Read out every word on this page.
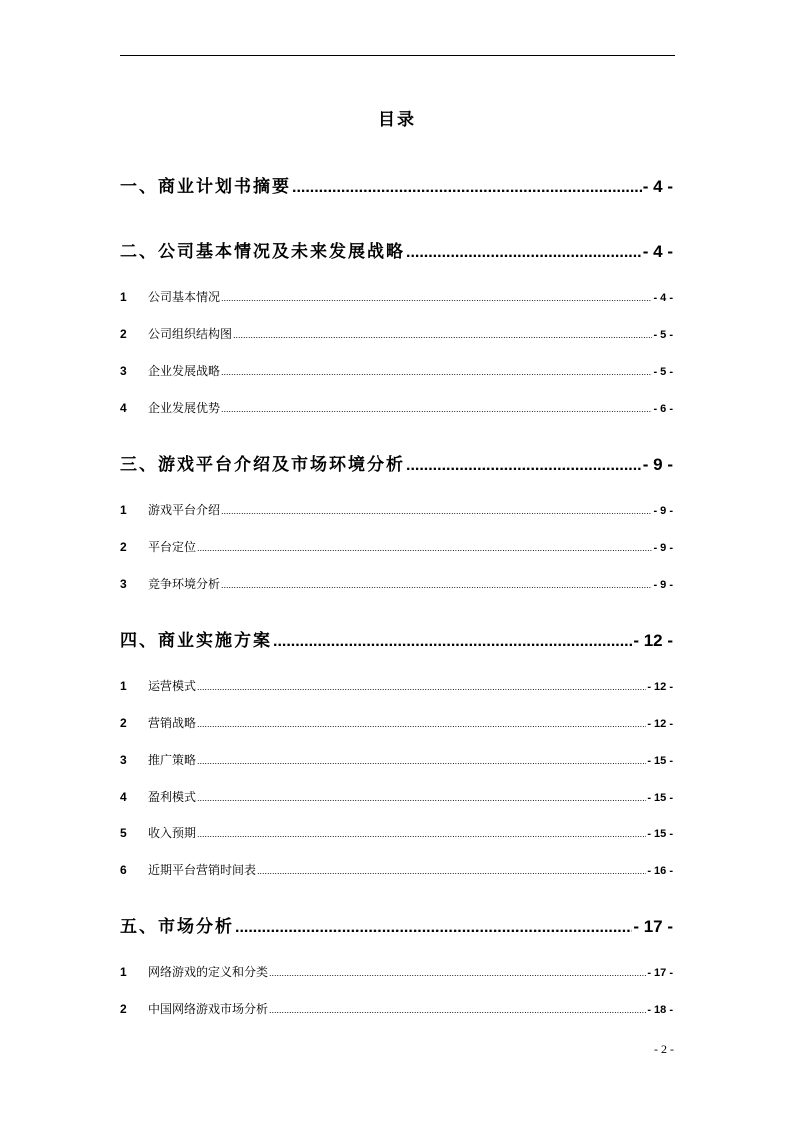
目录
一、商业计划书摘要 .....	- 4 -
二、公司基本情况及未来发展战略 .....	- 4 -
1	公司基本情况 .....	- 4 -
2	公司组织结构图 .....	- 5 -
3	企业发展战略 .....	- 5 -
4	企业发展优势 .....	- 6 -
三、游戏平台介绍及市场环境分析 .....	- 9 -
1	游戏平台介绍 .....	- 9 -
2	平台定位 .....	- 9 -
3	竞争环境分析 .....	- 9 -
四、商业实施方案 .....	- 12 -
1	运营模式 .....	- 12 -
2	营销战略 .....	- 12 -
3	推广策略 .....	- 15 -
4	盈利模式 .....	- 15 -
5	收入预期 .....	- 15 -
6	近期平台营销时间表 .....	- 16 -
五、市场分析 .....	- 17 -
1	网络游戏的定义和分类 .....	- 17 -
2	中国网络游戏市场分析 .....	- 18 -
- 2 -
